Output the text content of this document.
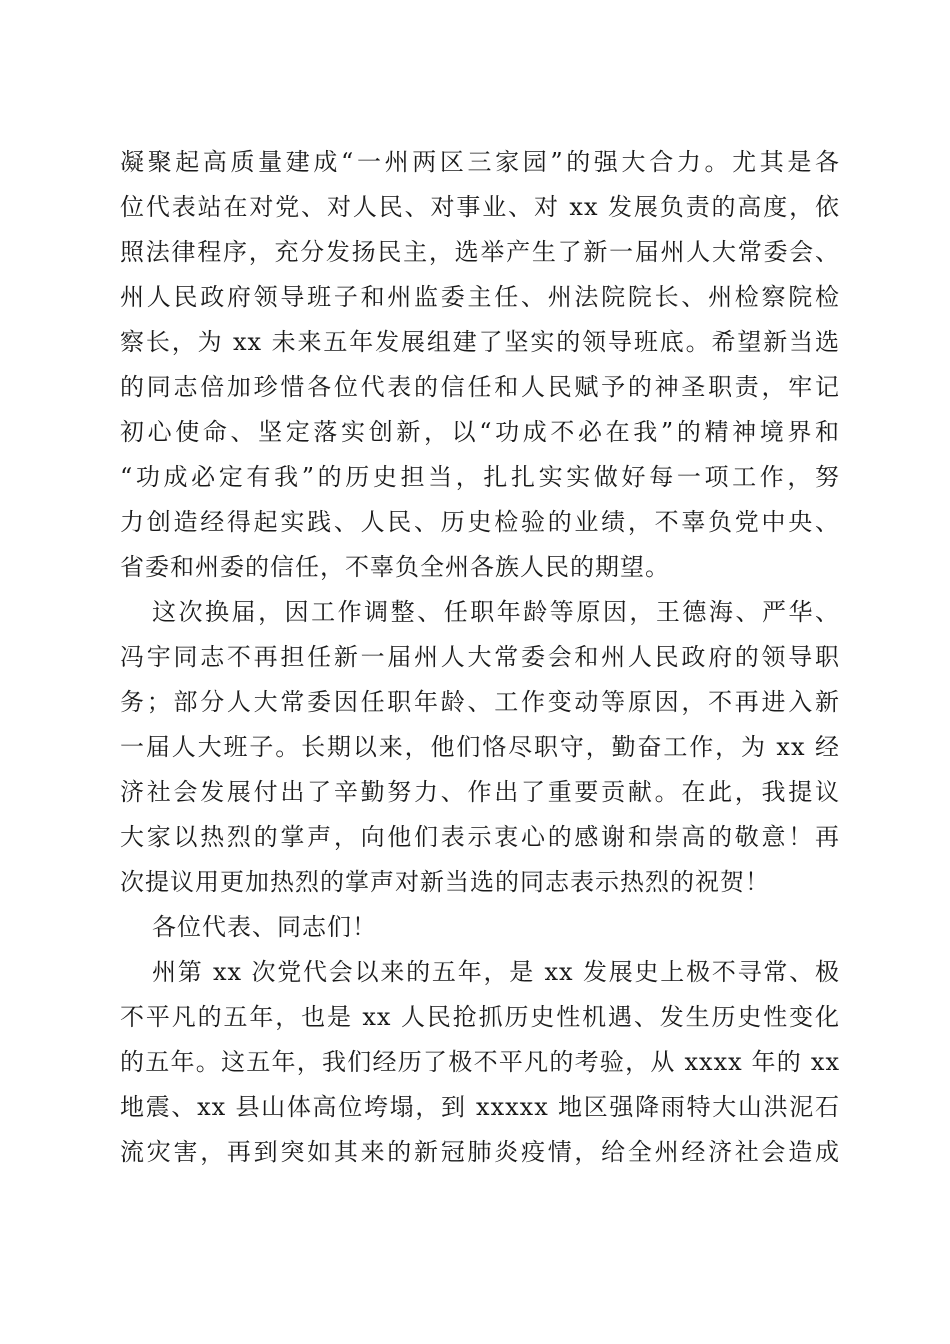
凝聚起高质量建成“一州两区三家园”的强大合力。尤其是各
位代表站在对党、对人民、对事业、对 xx 发展负责的高度，依
照法律程序，充分发扬民主，选举产生了新一届州人大常委会、
州人民政府领导班子和州监委主任、州法院院长、州检察院检
察长，为 xx 未来五年发展组建了坚实的领导班底。希望新当选
的同志倍加珍惜各位代表的信任和人民赋予的神圣职责，牢记
初心使命、坚定落实创新，以“功成不必在我”的精神境界和
“功成必定有我”的历史担当，扎扎实实做好每一项工作，努
力创造经得起实践、人民、历史检验的业绩，不辜负党中央、
省委和州委的信任，不辜负全州各族人民的期望。
这次换届，因工作调整、任职年龄等原因，王德海、严华、
冯宇同志不再担任新一届州人大常委会和州人民政府的领导职
务；部分人大常委因任职年龄、工作变动等原因，不再进入新
一届人大班子。长期以来，他们恪尽职守，勤奋工作，为 xx 经
济社会发展付出了辛勤努力、作出了重要贡献。在此，我提议
大家以热烈的掌声，向他们表示衷心的感谢和崇高的敬意！再
次提议用更加热烈的掌声对新当选的同志表示热烈的祝贺！
各位代表、同志们！
州第 xx 次党代会以来的五年，是 xx 发展史上极不寻常、极
不平凡的五年，也是 xx 人民抢抓历史性机遇、发生历史性变化
的五年。这五年，我们经历了极不平凡的考验，从 xxxx 年的 xx
地震、xx 县山体高位垮塌，到 xxxxx 地区强降雨特大山洪泥石
流灾害，再到突如其来的新冠肺炎疫情，给全州经济社会造成
